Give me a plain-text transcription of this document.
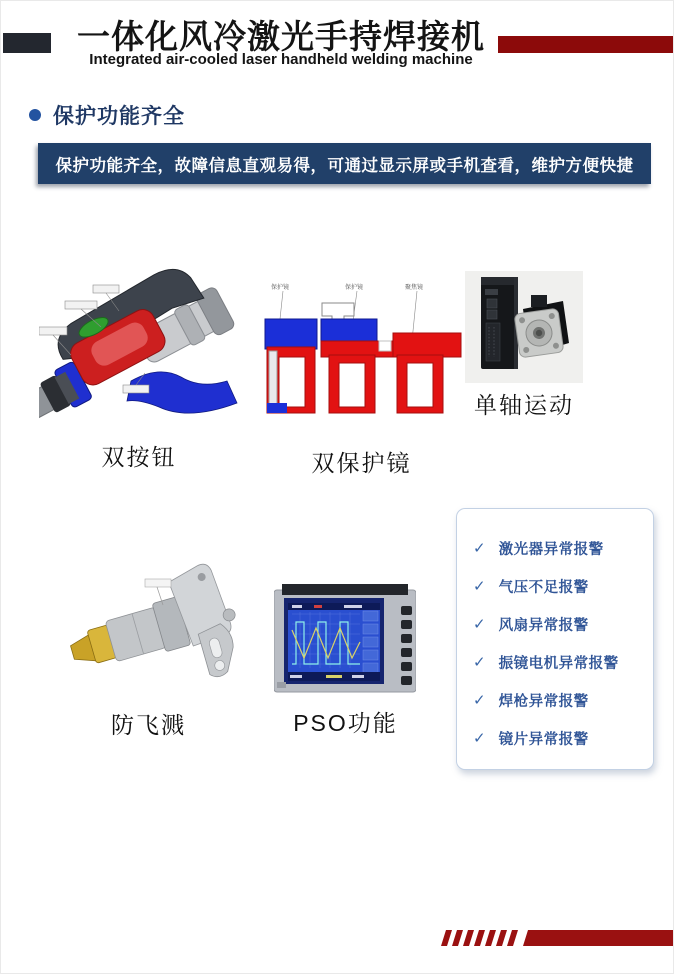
一体化风冷激光手持焊接机
Integrated air-cooled laser handheld welding machine
保护功能齐全
保护功能齐全，故障信息直观易得，可通过显示屏或手机查看，维护方便快捷
双按钮
保护镜	保护镜	聚焦镜
双保护镜
单轴运动
防飞溅	PSO功能
✓ 激光器异常报警
✓ 气压不足报警
✓ 风扇异常报警
✓ 振镜电机异常报警
✓ 焊枪异常报警
✓ 镜片异常报警
